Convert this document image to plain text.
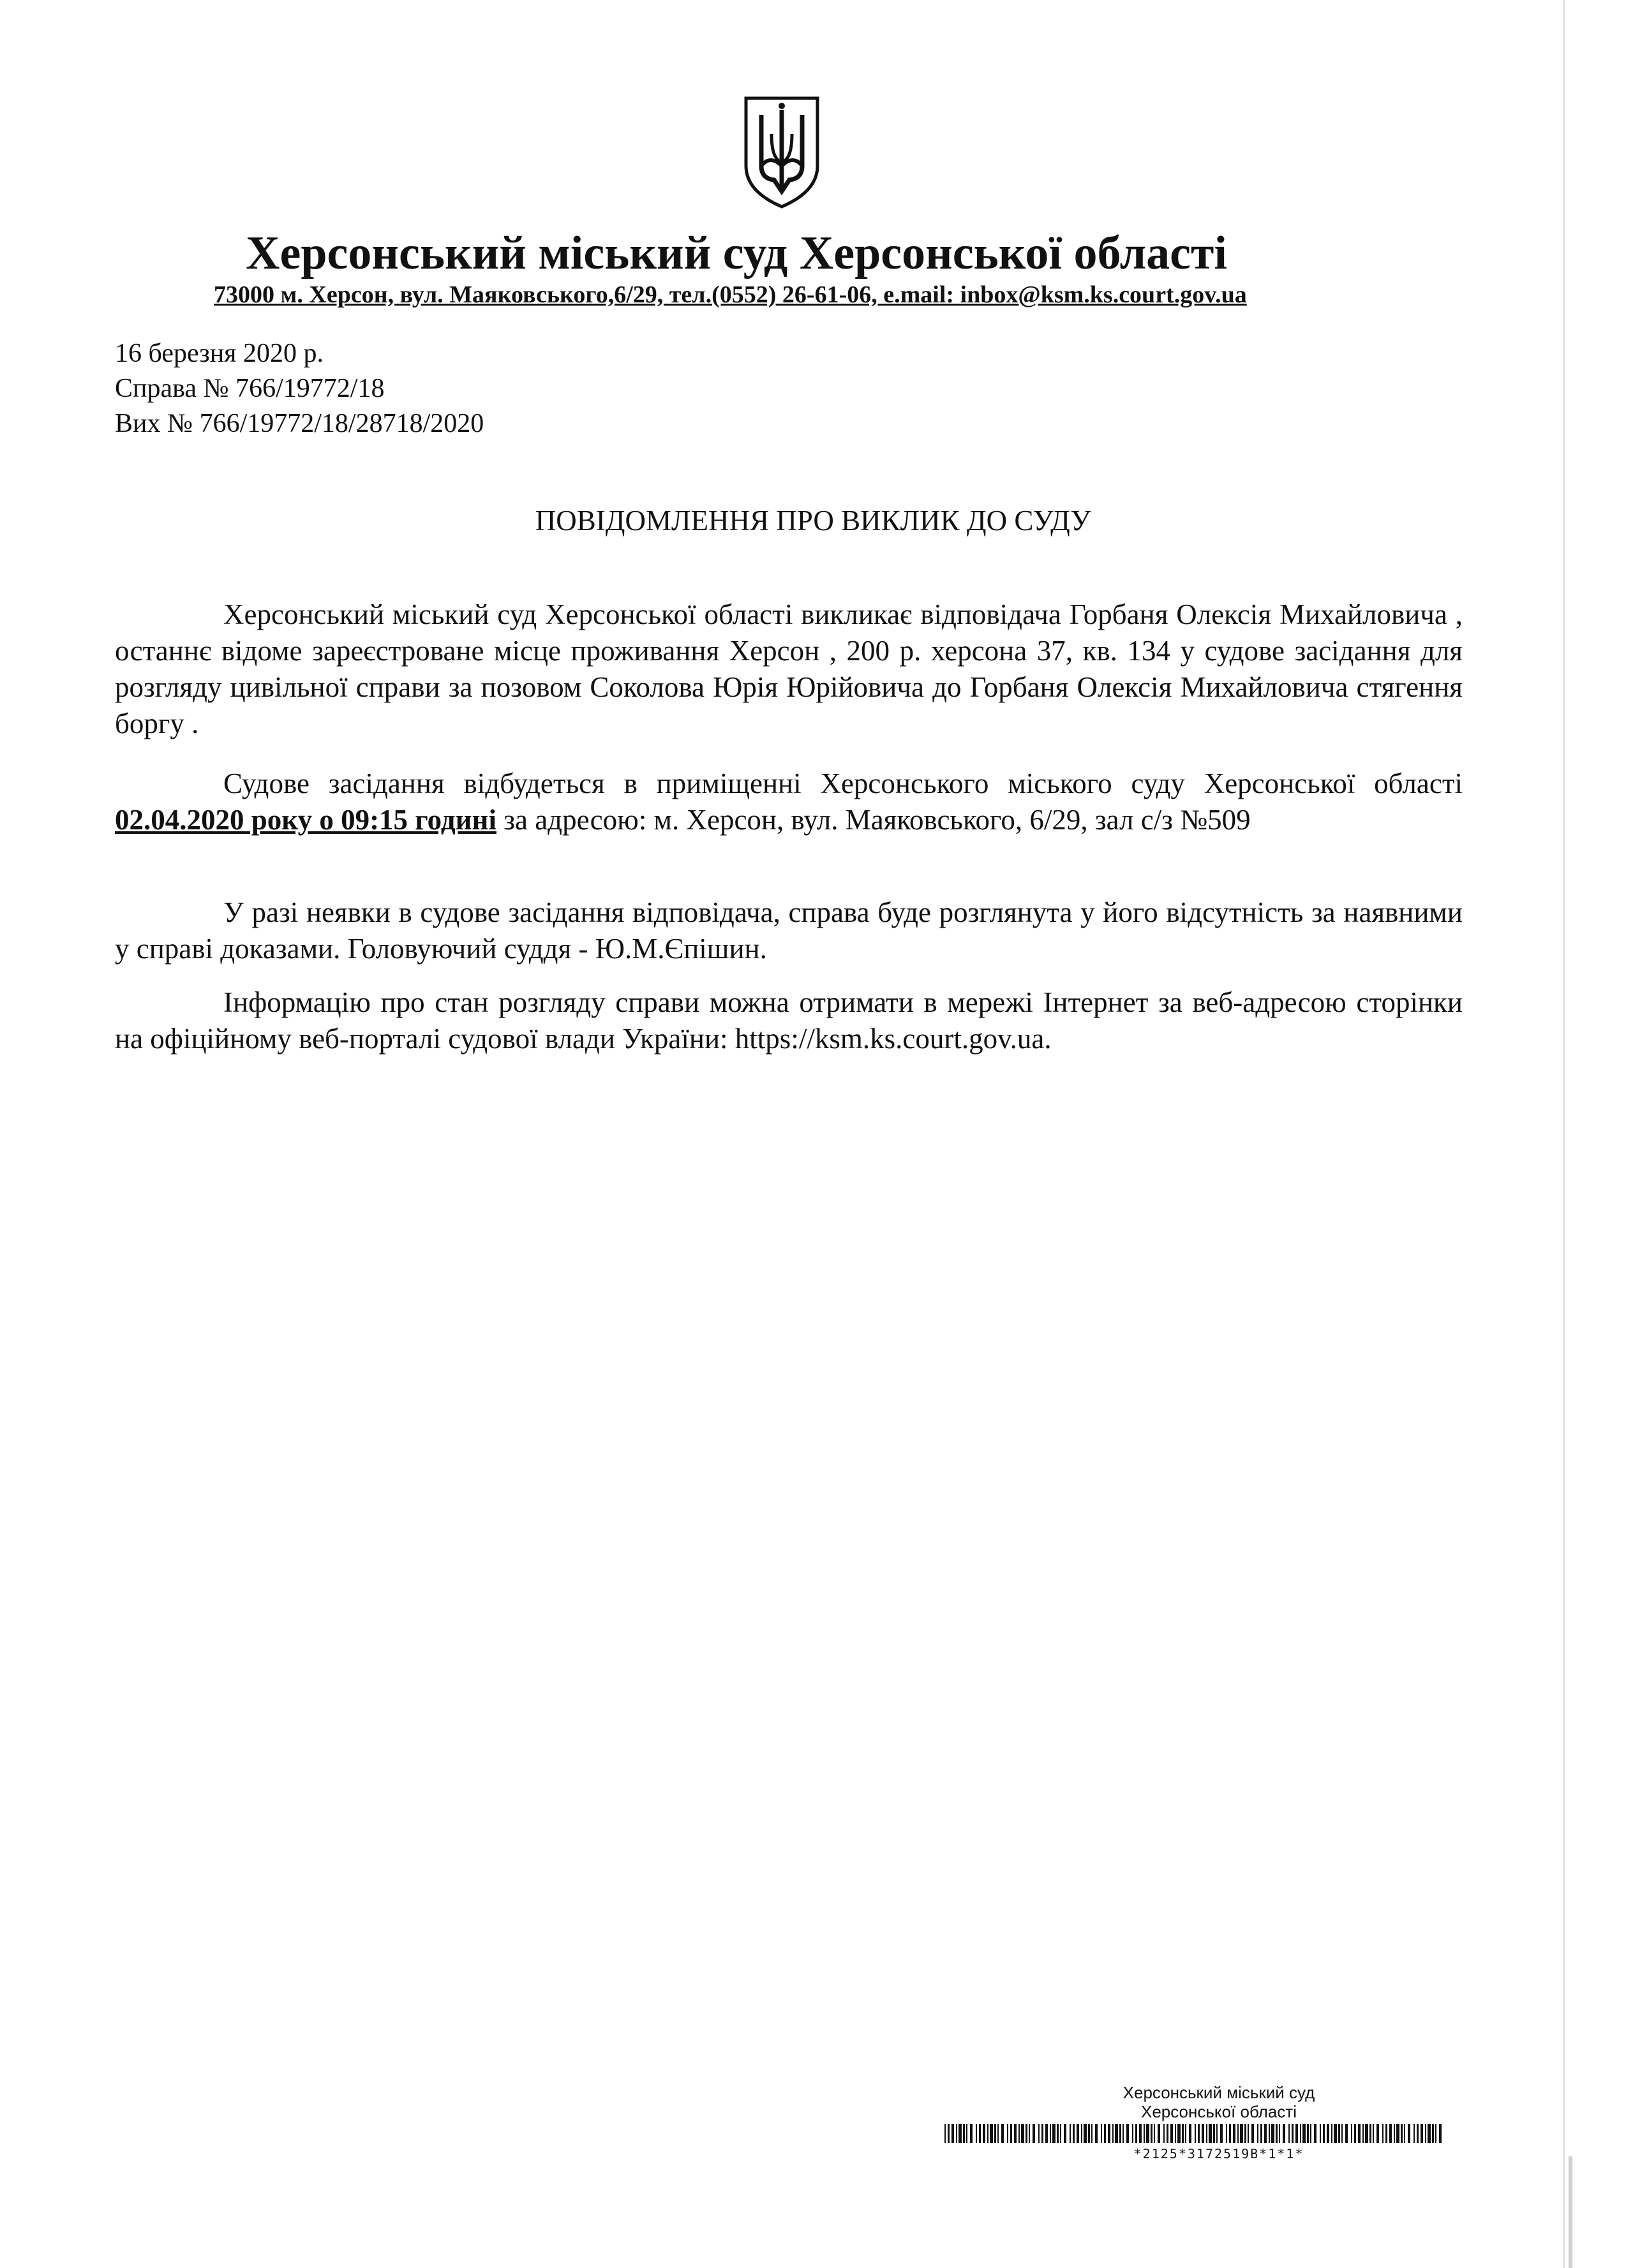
Херсонський міський суд Херсонської області
73000 м. Херсон, вул. Маяковського,6/29, тел.(0552) 26-61-06, e.mail: inbox@ksm.ks.court.gov.ua
16 березня 2020 р.
Справа № 766/19772/18
Вих № 766/19772/18/28718/2020
ПОВІДОМЛЕННЯ ПРО ВИКЛИК ДО СУДУ
Херсонський міський суд Херсонської області викликає відповідача Горбаня Олексія Михайловича , останнє відоме зареєстроване місце проживання Херсон , 200 р. херсона 37, кв. 134 у судове засідання для розгляду цивільної справи за позовом Соколова Юрія Юрійовича до Горбаня Олексія Михайловича стягення боргу .
Судове засідання відбудеться в приміщенні Херсонського міського суду Херсонської області 02.04.2020 року о 09:15 годині за адресою: м. Херсон, вул. Маяковського, 6/29, зал с/з №509
У разі неявки в судове засідання відповідача, справа буде розглянута у його відсутність за наявними у справі доказами. Головуючий суддя - Ю.М.Єпішин.
Інформацію про стан розгляду справи можна отримати в мережі Інтернет за веб-адресою сторінки на офіційному веб-порталі судової влади України: https://ksm.ks.court.gov.ua.
Херсонський міський суд
Херсонської області
*2125*3172519В*1*1*
